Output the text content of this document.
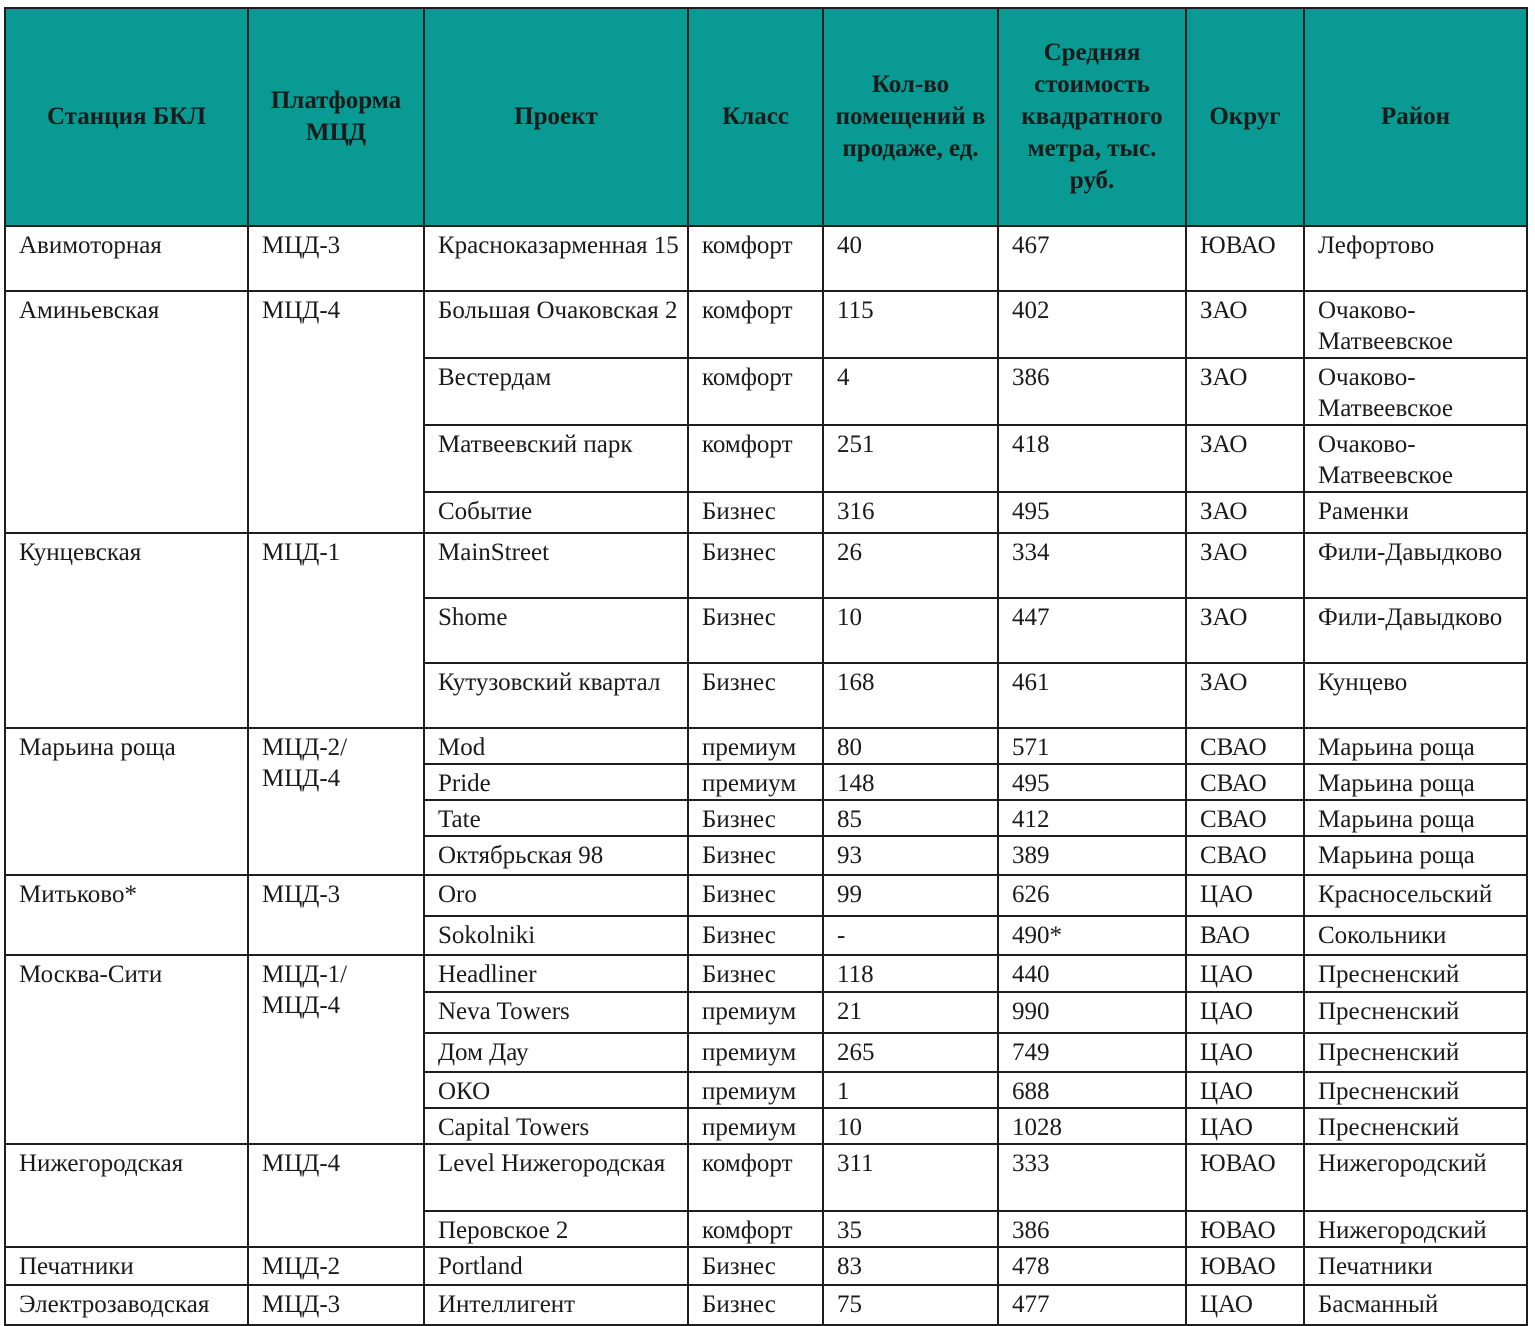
Станция БКЛ	Платформа МЦД	Проект	Класс	Кол-во помещений в продаже, ед.	Средняя стоимость квадратного метра, тыс. руб.	Округ	Район
Авимоторная	МЦД-3	Краснoказарменная 15	комфорт	40	467	ЮВАО	Лефортово
Аминьевская	МЦД-4	Большая Очаковская 2	комфорт	115	402	ЗАО	Очаково-Матвеевское
		Вестердам	комфорт	4	386	ЗАО	Очаково-Матвеевское
		Матвеевский парк	комфорт	251	418	ЗАО	Очаково-Матвеевское
		Событие	Бизнес	316	495	ЗАО	Раменки
Кунцевская	МЦД-1	MainStreet	Бизнес	26	334	ЗАО	Фили-Давыдково
		Shome	Бизнес	10	447	ЗАО	Фили-Давыдково
		Кутузовский квартал	Бизнес	168	461	ЗАО	Кунцево
Марьина роща	МЦД-2/МЦД-4	Mod	премиум	80	571	СВАО	Марьина роща
		Pride	премиум	148	495	СВАО	Марьина роща
		Tate	Бизнес	85	412	СВАО	Марьина роща
		Октябрьская 98	Бизнес	93	389	СВАО	Марьина роща
Митьково*	МЦД-3	Oro	Бизнес	99	626	ЦАО	Красносельский
		Sokolniki	Бизнес	-	490*	ВАО	Сокольники
Москва-Сити	МЦД-1/МЦД-4	Headliner	Бизнес	118	440	ЦАО	Пресненский
		Neva Towers	премиум	21	990	ЦАО	Пресненский
		Дом Дау	премиум	265	749	ЦАО	Пресненский
		ОКО	премиум	1	688	ЦАО	Пресненский
		Capital Towers	премиум	10	1028	ЦАО	Пресненский
Нижегородская	МЦД-4	Level Нижегородская	комфорт	311	333	ЮВАО	Нижегородский
		Перовское 2	комфорт	35	386	ЮВАО	Нижегородский
Печатники	МЦД-2	Portland	Бизнес	83	478	ЮВАО	Печатники
Электрозаводская	МЦД-3	Интеллигент	Бизнес	75	477	ЦАО	Басманный
